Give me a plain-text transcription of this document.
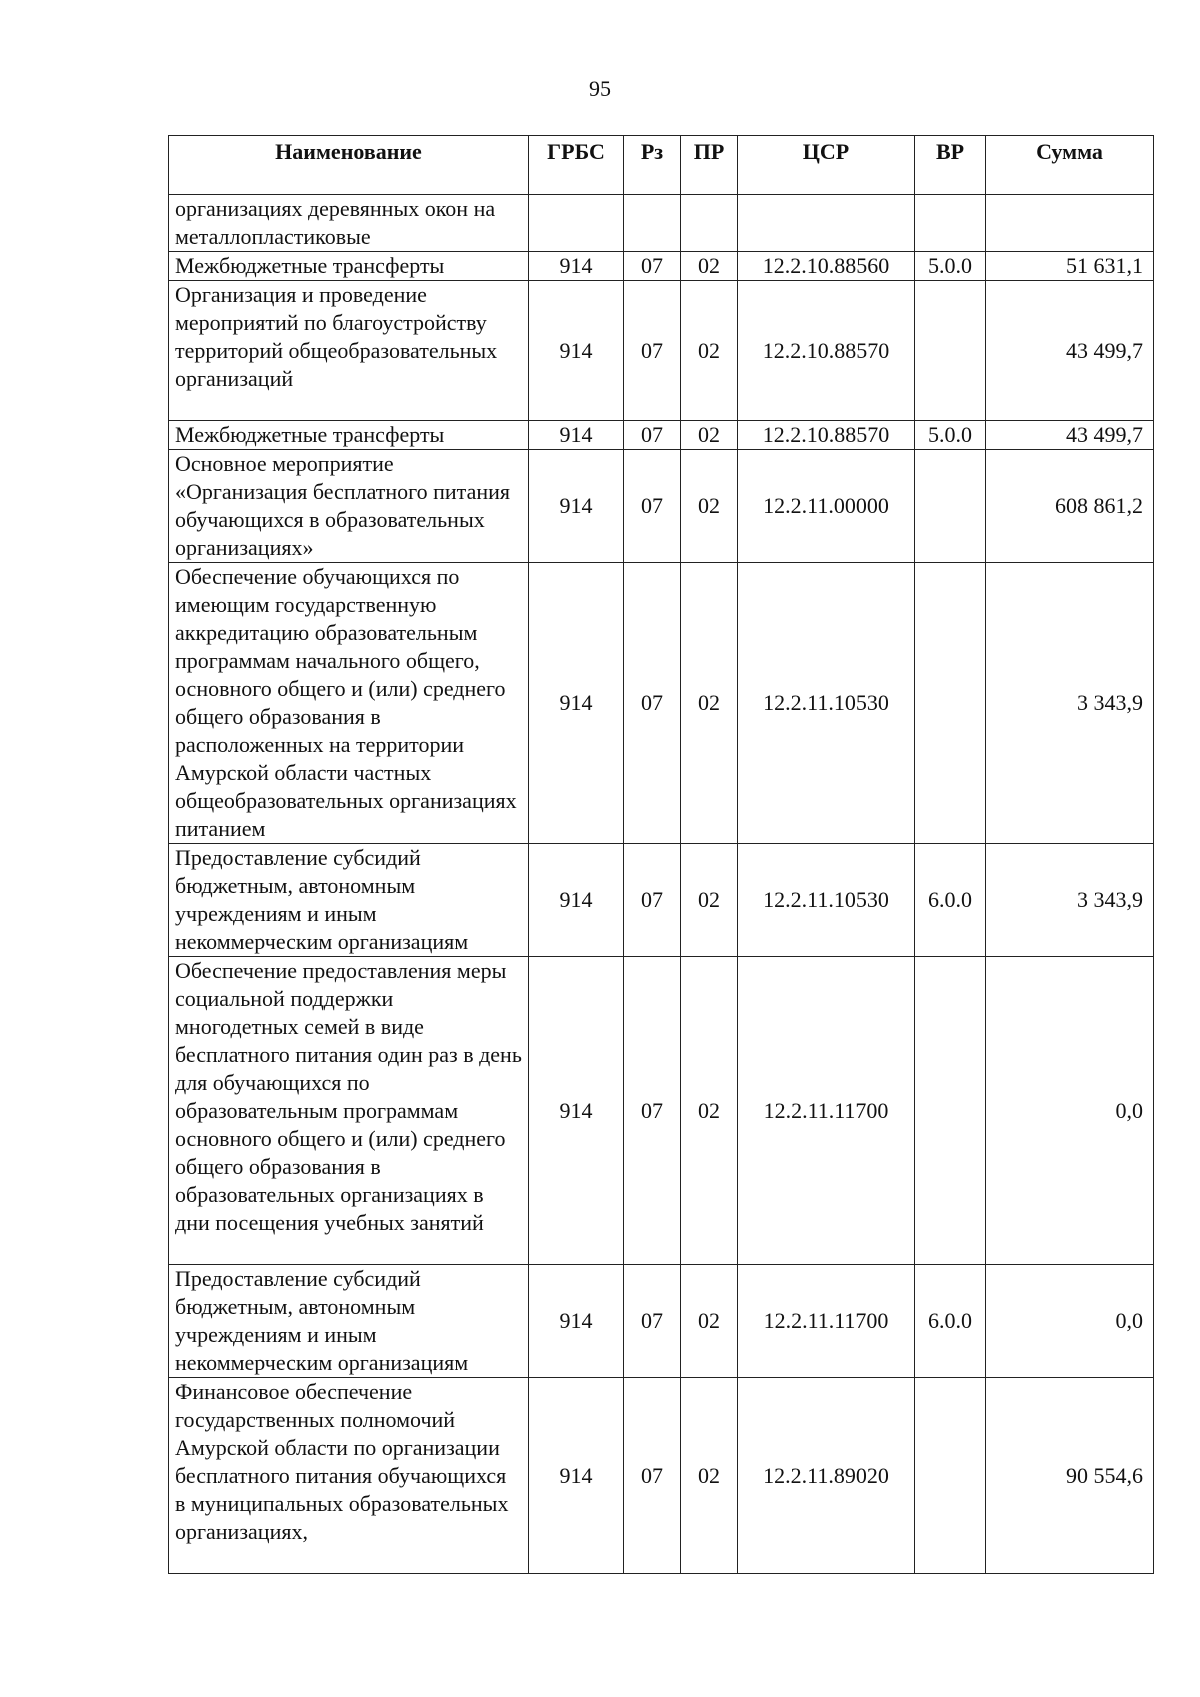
95
Наименование	ГРБС	Рз	ПР	ЦСР	ВР	Сумма
организациях деревянных окон на металлопластиковые						
Межбюджетные трансферты	914	07	02	12.2.10.88560	5.0.0	51 631,1
Организация и проведение мероприятий по благоустройству территорий общеобразовательных организаций	914	07	02	12.2.10.88570		43 499,7
Межбюджетные трансферты	914	07	02	12.2.10.88570	5.0.0	43 499,7
Основное мероприятие «Организация бесплатного питания обучающихся в образовательных организациях»	914	07	02	12.2.11.00000		608 861,2
Обеспечение обучающихся по имеющим государственную аккредитацию образовательным программам начального общего, основного общего и (или) среднего общего образования в расположенных на территории Амурской области частных общеобразовательных организациях питанием	914	07	02	12.2.11.10530		3 343,9
Предоставление субсидий бюджетным, автономным учреждениям и иным некоммерческим организациям	914	07	02	12.2.11.10530	6.0.0	3 343,9
Обеспечение предоставления меры социальной поддержки многодетных семей в виде бесплатного питания один раз в день для обучающихся по образовательным программам основного общего и (или) среднего общего образования в образовательных организациях в дни посещения учебных занятий	914	07	02	12.2.11.11700		0,0
Предоставление субсидий бюджетным, автономным учреждениям и иным некоммерческим организациям	914	07	02	12.2.11.11700	6.0.0	0,0
Финансовое обеспечение государственных полномочий Амурской области по организации бесплатного питания обучающихся в муниципальных образовательных организациях,	914	07	02	12.2.11.89020		90 554,6
